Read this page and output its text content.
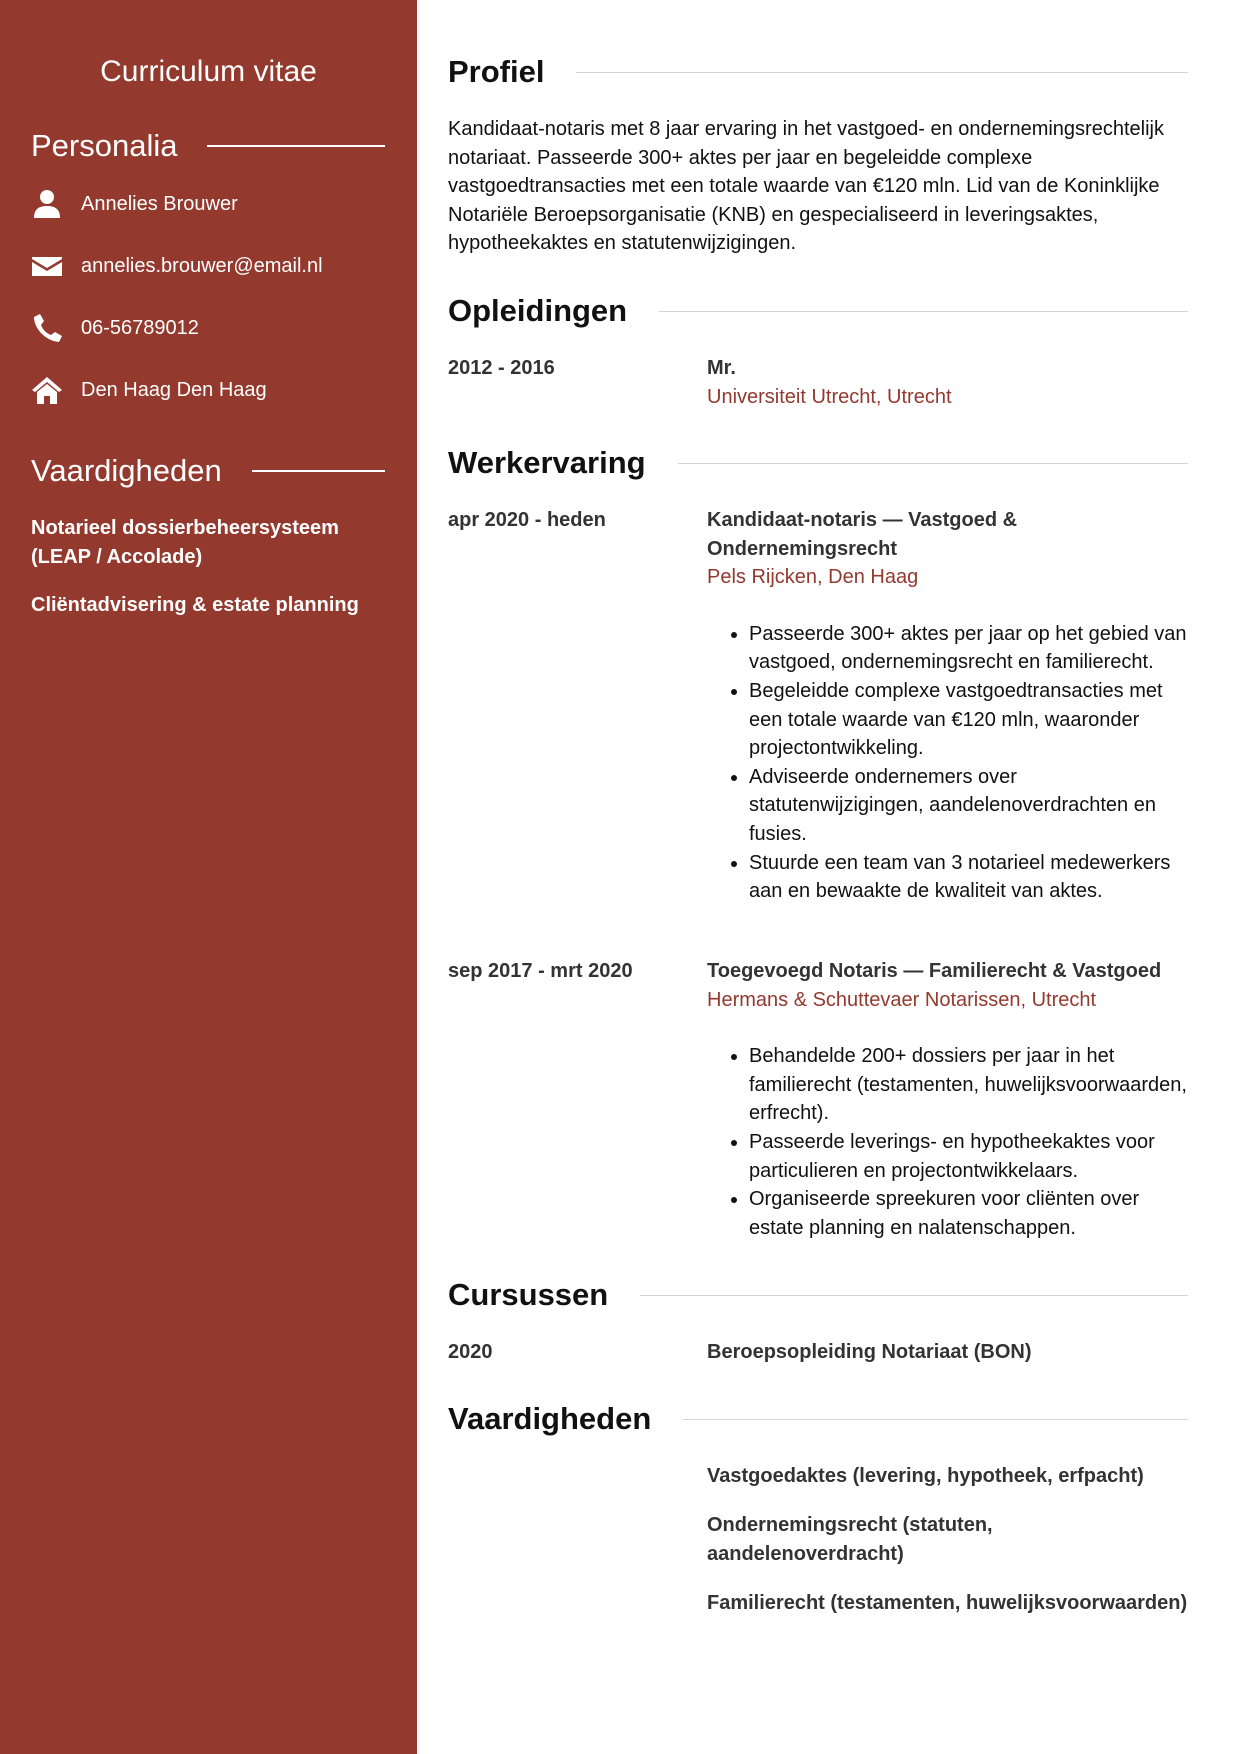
Curriculum vitae
Personalia
Annelies Brouwer
annelies.brouwer@email.nl
06-56789012
Den Haag Den Haag
Vaardigheden
Notarieel dossierbeheersysteem (LEAP / Accolade)
Cliëntadvisering & estate planning
Profiel
Kandidaat-notaris met 8 jaar ervaring in het vastgoed- en ondernemingsrechtelijk notariaat. Passeerde 300+ aktes per jaar en begeleidde complexe vastgoedtransacties met een totale waarde van €120 mln. Lid van de Koninklijke Notariële Beroepsorganisatie (KNB) en gespecialiseerd in leveringsaktes, hypotheekaktes en statutenwijzigingen.
Opleidingen
2012 - 2016	Mr.
Universiteit Utrecht, Utrecht
Werkervaring
apr 2020 - heden	Kandidaat-notaris — Vastgoed & Ondernemingsrecht
Pels Rijcken, Den Haag
• Passeerde 300+ aktes per jaar op het gebied van vastgoed, ondernemingsrecht en familierecht.
• Begeleidde complexe vastgoedtransacties met een totale waarde van €120 mln, waaronder projectontwikkeling.
• Adviseerde ondernemers over statutenwijzigingen, aandelenoverdrachten en fusies.
• Stuurde een team van 3 notarieel medewerkers aan en bewaakte de kwaliteit van aktes.
sep 2017 - mrt 2020	Toegevoegd Notaris — Familierecht & Vastgoed
Hermans & Schuttevaer Notarissen, Utrecht
• Behandelde 200+ dossiers per jaar in het familierecht (testamenten, huwelijksvoorwaarden, erfrecht).
• Passeerde leverings- en hypotheekaktes voor particulieren en projectontwikkelaars.
• Organiseerde spreekuren voor cliënten over estate planning en nalatenschappen.
Cursussen
2020	Beroepsopleiding Notariaat (BON)
Vaardigheden
Vastgoedaktes (levering, hypotheek, erfpacht)
Ondernemingsrecht (statuten, aandelenoverdracht)
Familierecht (testamenten, huwelijksvoorwaarden)
